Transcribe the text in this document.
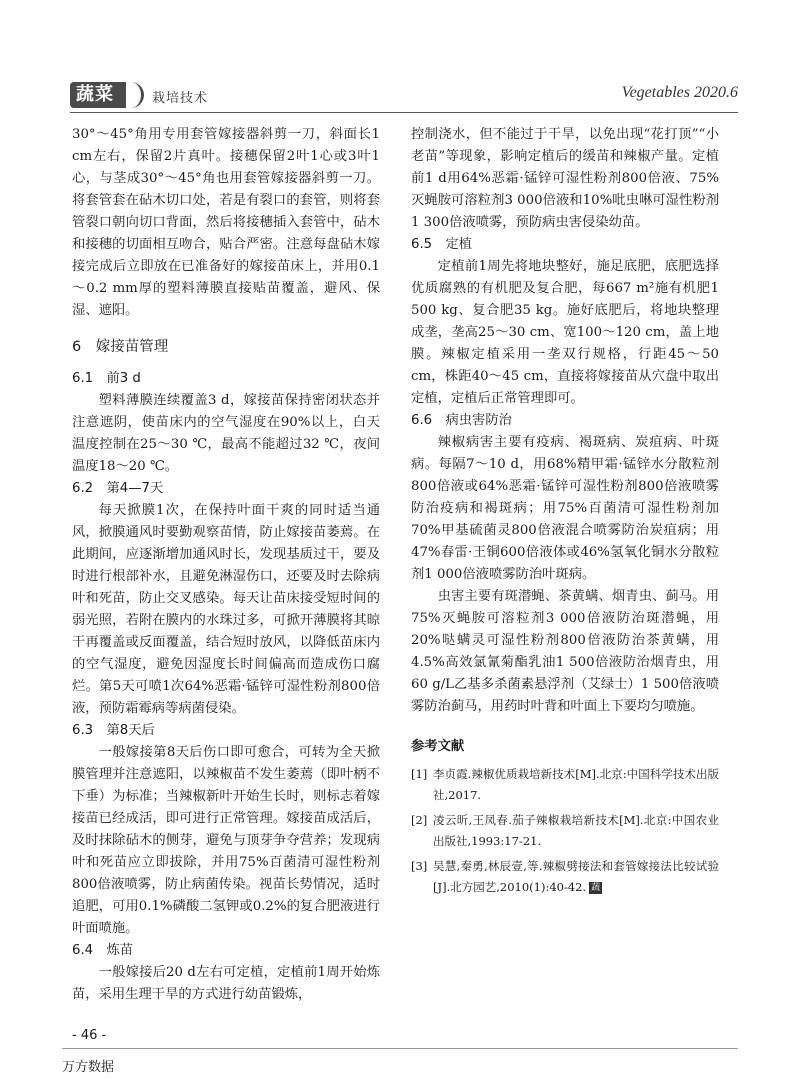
蔬菜	栽培技术	Vegetables 2020.6

30°～45°角用专用套管嫁接器斜剪一刀，斜面长1 cm左右，保留2片真叶。接穗保留2叶1心或3叶1心，与茎成30°～45°角也用套管嫁接器斜剪一刀。将套管套在砧木切口处，若是有裂口的套管，则将套管裂口朝向切口背面，然后将接穗插入套管中，砧木和接穗的切面相互吻合，贴合严密。注意每盘砧木嫁接完成后立即放在已准备好的嫁接苗床上，并用0.1～0.2 mm厚的塑料薄膜直接贴苗覆盖，避风、保湿、遮阳。

6　嫁接苗管理
6.1　前3 d

塑料薄膜连续覆盖3 d，嫁接苗保持密闭状态并注意遮阴，使苗床内的空气湿度在90%以上，白天温度控制在25～30 ℃，最高不能超过32 ℃，夜间温度18～20 ℃。

6.2　第4—7天

每天掀膜1次，在保持叶面干爽的同时适当通风，掀膜通风时要勤观察苗情，防止嫁接苗萎蔫。在此期间，应逐渐增加通风时长，发现基质过干，要及时进行根部补水，且避免淋湿伤口，还要及时去除病叶和死苗，防止交叉感染。每天让苗床接受短时间的弱光照，若附在膜内的水珠过多，可掀开薄膜将其晾干再覆盖或反面覆盖，结合短时放风，以降低苗床内的空气湿度，避免因湿度长时间偏高而造成伤口腐烂。第5天可喷1次64%恶霜·锰锌可湿性粉剂800倍液，预防霜霉病等病菌侵染。

6.3　第8天后

一般嫁接第8天后伤口即可愈合，可转为全天掀膜管理并注意遮阳，以辣椒苗不发生萎蔫（即叶柄不下垂）为标准；当辣椒新叶开始生长时，则标志着嫁接苗已经成活，即可进行正常管理。嫁接苗成活后，及时抹除砧木的侧芽，避免与顶芽争夺营养；发现病叶和死苗应立即拔除，并用75%百菌清可湿性粉剂800倍液喷雾，防止病菌传染。视苗长势情况，适时追肥，可用0.1%磷酸二氢钾或0.2%的复合肥液进行叶面喷施。

6.4　炼苗

一般嫁接后20 d左右可定植，定植前1周开始炼苗，采用生理干旱的方式进行幼苗锻炼，

控制浇水，但不能过于干旱，以免出现“花打顶”“小老苗”等现象，影响定植后的缓苗和辣椒产量。定植前1 d用64%恶霜·锰锌可湿性粉剂800倍液、75%灭蝇胺可溶粒剂3 000倍液和10%吡虫啉可湿性粉剂1 300倍液喷雾，预防病虫害侵染幼苗。

6.5　定植

定植前1周先将地块整好，施足底肥，底肥选择优质腐熟的有机肥及复合肥，每667 m²施有机肥1 500 kg、复合肥35 kg。施好底肥后，将地块整理成垄，垄高25～30 cm、宽100～120 cm，盖上地膜。辣椒定植采用一垄双行规格，行距45～50 cm，株距40～45 cm，直接将嫁接苗从穴盘中取出定植，定植后正常管理即可。

6.6　病虫害防治

辣椒病害主要有疫病、褐斑病、炭疽病、叶斑病。每隔7～10 d，用68%精甲霜·锰锌水分散粒剂800倍液或64%恶霜·锰锌可湿性粉剂800倍液喷雾防治疫病和褐斑病；用75%百菌清可湿性粉剂加70%甲基硫菌灵800倍液混合喷雾防治炭疽病；用47%春雷·王铜600倍液体或46%氢氧化铜水分散粒剂1 000倍液喷雾防治叶斑病。

虫害主要有斑潜蝇、茶黄螨、烟青虫、蓟马。用75%灭蝇胺可溶粒剂3 000倍液防治斑潜蝇，用20%哒螨灵可湿性粉剂800倍液防治茶黄螨，用4.5%高效氯氰菊酯乳油1 500倍液防治烟青虫，用60 g/L乙基多杀菌素悬浮剂（艾绿士）1 500倍液喷雾防治蓟马，用药时叶背和叶面上下要均匀喷施。

参考文献
[1] 李贞霞.辣椒优质栽培新技术[M].北京:中国科学技术出版社,2017.
[2] 凌云昕,王凤春.茄子辣椒栽培新技术[M].北京:中国农业出版社,1993:17-21.
[3] 吴慧,秦勇,林辰壹,等.辣椒劈接法和套管嫁接法比较试验[J].北方园艺,2010(1):40-42. 蔬
- 46 -
万方数据
